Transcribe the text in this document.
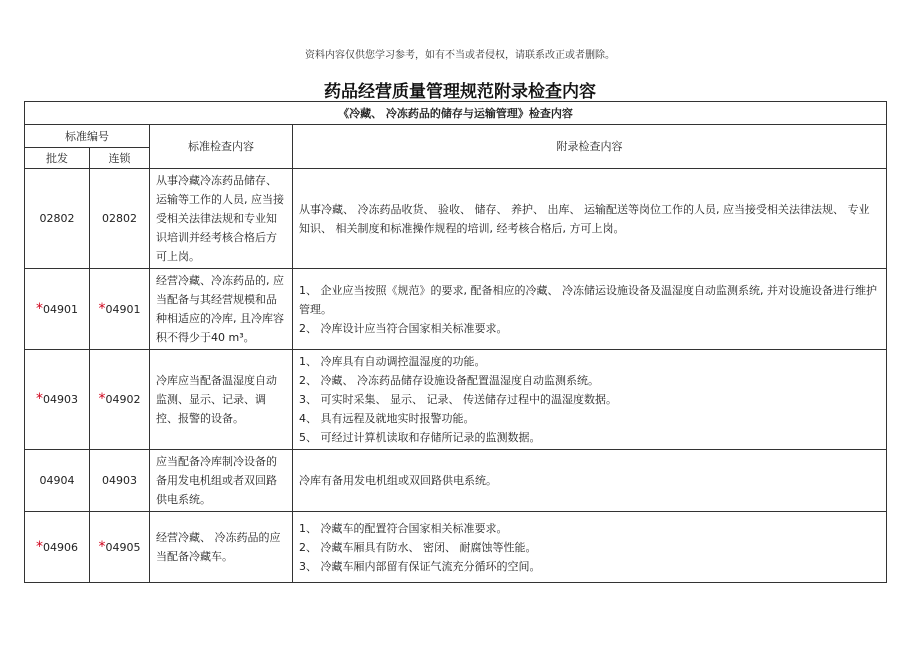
资料内容仅供您学习参考，如有不当或者侵权，请联系改正或者删除。
药品经营质量管理规范附录检查内容
《冷藏、 冷冻药品的储存与运输管理》检查内容			
标准编号		标准检查内容	附录检查内容
批发	连锁		
02802	02802	从事冷藏冷冻药品储存、运输等工作的人员, 应当接受相关法律法规和专业知识培训并经考核合格后方可上岗。	从事冷藏、 冷冻药品收货、 验收、 储存、 养护、 出库、 运输配送等岗位工作的人员, 应当接受相关法律法规、 专业知识、 相关制度和标准操作规程的培训, 经考核合格后, 方可上岗。

*04901	*04901	经营冷藏、冷冻药品的, 应当配备与其经营规模和品种相适应的冷库, 且冷库容积不得少于40 m³。	1、 企业应当按照《规范》的要求, 配备相应的冷藏、 冷冻储运设施设备及温湿度自动监测系统, 并对设施设备进行维护管理。
2、 冷库设计应当符合国家相关标准要求。

*04903	*04902	冷库应当配备温湿度自动监测、显示、记录、调控、报警的设备。	1、 冷库具有自动调控温湿度的功能。
2、 冷藏、 冷冻药品储存设施设备配置温湿度自动监测系统。
3、 可实时采集、 显示、 记录、 传送储存过程中的温湿度数据。
4、 具有远程及就地实时报警功能。
5、 可经过计算机读取和存储所记录的监测数据。

04904	04903	应当配备冷库制冷设备的备用发电机组或者双回路供电系统。	冷库有备用发电机组或双回路供电系统。

*04906	*04905	经营冷藏、 冷冻药品的应当配备冷藏车。	1、 冷藏车的配置符合国家相关标准要求。
2、 冷藏车厢具有防水、 密闭、 耐腐蚀等性能。
3、 冷藏车厢内部留有保证气流充分循环的空间。
